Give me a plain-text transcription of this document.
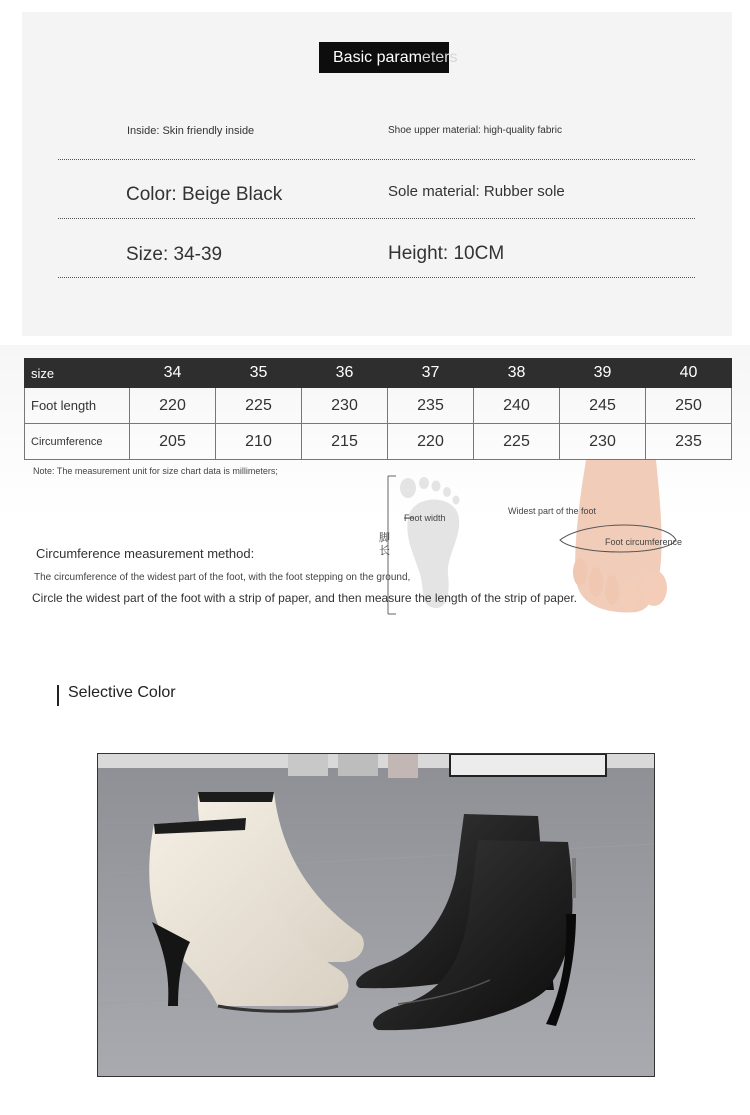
Basic parameters
Inside: Skin friendly inside	Shoe upper material: high-quality fabric
Color: Beige Black	Sole material: Rubber sole
Size: 34-39	Height: 10CM
size	34	35	36	37	38	39	40
Foot length	220	225	230	235	240	245	250
Circumference	205	210	215	220	225	230	235
Note: The measurement unit for size chart data is millimeters;
Foot width
脚长
Widest part of the foot
Foot circumference
Circumference measurement method:
The circumference of the widest part of the foot, with the foot stepping on the ground,
Circle the widest part of the foot with a strip of paper, and then measure the length of the strip of paper.
Selective Color
